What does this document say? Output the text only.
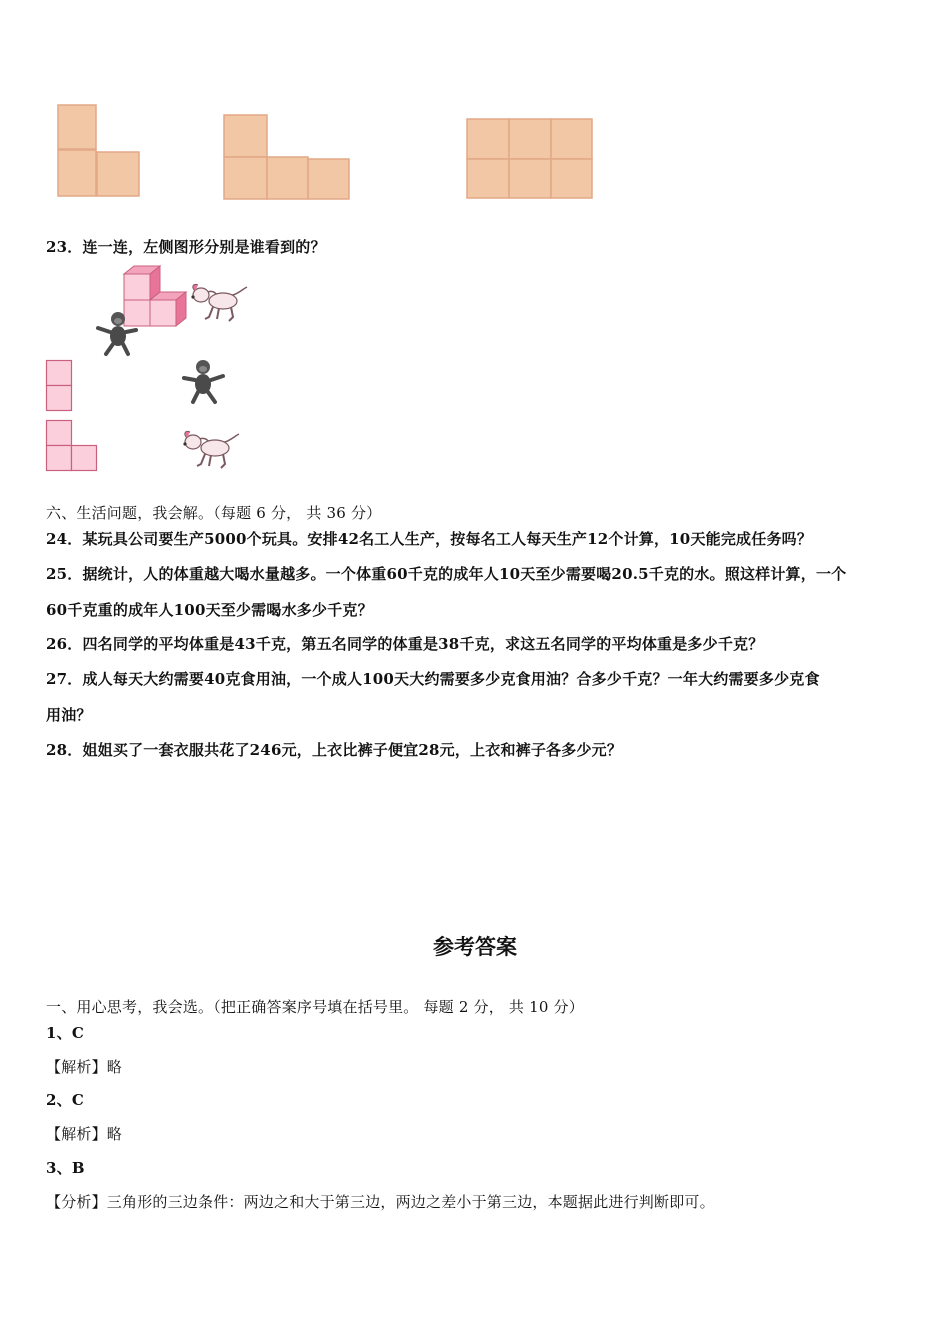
23．连一连，左侧图形分别是谁看到的？
六、生活问题，我会解。（每题 6 分， 共 36 分）
24．某玩具公司要生产5000个玩具。安排42名工人生产，按每名工人每天生产12个计算，10天能完成任务吗？
25．据统计，人的体重越大喝水量越多。一个体重60千克的成年人10天至少需要喝20.5千克的水。照这样计算，一个
60千克重的成年人100天至少需喝水多少千克？
26．四名同学的平均体重是43千克，第五名同学的体重是38千克，求这五名同学的平均体重是多少千克？
27．成人每天大约需要40克食用油，一个成人100天大约需要多少克食用油？合多少千克？一年大约需要多少克食
用油？
28．姐姐买了一套衣服共花了246元，上衣比裤子便宜28元，上衣和裤子各多少元？
参考答案
一、用心思考，我会选。（把正确答案序号填在括号里。 每题 2 分， 共 10 分）
1、C
【解析】略
2、C
【解析】略
3、B
【分析】三角形的三边条件：两边之和大于第三边，两边之差小于第三边，本题据此进行判断即可。
